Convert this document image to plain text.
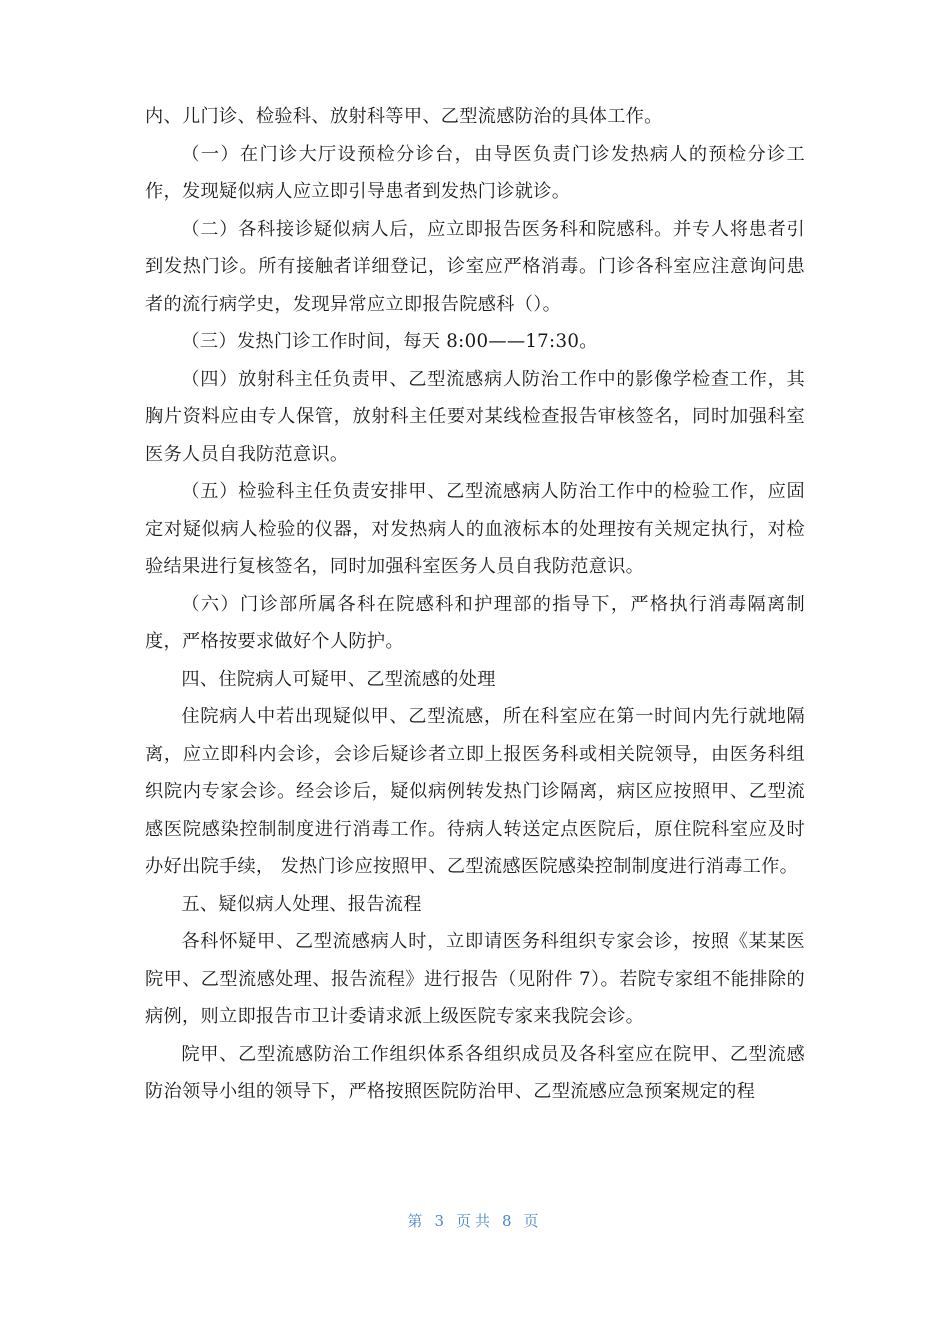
内、儿门诊、检验科、放射科等甲、乙型流感防治的具体工作。

（一）在门诊大厅设预检分诊台，由导医负责门诊发热病人的预检分诊工作，发现疑似病人应立即引导患者到发热门诊就诊。

（二）各科接诊疑似病人后，应立即报告医务科和院感科。并专人将患者引到发热门诊。所有接触者详细登记，诊室应严格消毒。门诊各科室应注意询问患者的流行病学史，发现异常应立即报告院感科（）。

（三）发热门诊工作时间，每天 8:00——17:30。

（四）放射科主任负责甲、乙型流感病人防治工作中的影像学检查工作，其胸片资料应由专人保管，放射科主任要对某线检查报告审核签名，同时加强科室医务人员自我防范意识。

（五）检验科主任负责安排甲、乙型流感病人防治工作中的检验工作，应固定对疑似病人检验的仪器，对发热病人的血液标本的处理按有关规定执行，对检验结果进行复核签名，同时加强科室医务人员自我防范意识。

（六）门诊部所属各科在院感科和护理部的指导下，严格执行消毒隔离制度，严格按要求做好个人防护。

四、住院病人可疑甲、乙型流感的处理

住院病人中若出现疑似甲、乙型流感，所在科室应在第一时间内先行就地隔离，应立即科内会诊，会诊后疑诊者立即上报医务科或相关院领导，由医务科组织院内专家会诊。经会诊后，疑似病例转发热门诊隔离，病区应按照甲、乙型流感医院感染控制制度进行消毒工作。待病人转送定点医院后，原住院科室应及时办好出院手续， 发热门诊应按照甲、乙型流感医院感染控制制度进行消毒工作。

五、疑似病人处理、报告流程

各科怀疑甲、乙型流感病人时，立即请医务科组织专家会诊，按照《某某医院甲、乙型流感处理、报告流程》进行报告（见附件 7）。若院专家组不能排除的病例，则立即报告市卫计委请求派上级医院专家来我院会诊。

院甲、乙型流感防治工作组织体系各组织成员及各科室应在院甲、乙型流感防治领导小组的领导下，严格按照医院防治甲、乙型流感应急预案规定的程

第 3 页共 8 页
